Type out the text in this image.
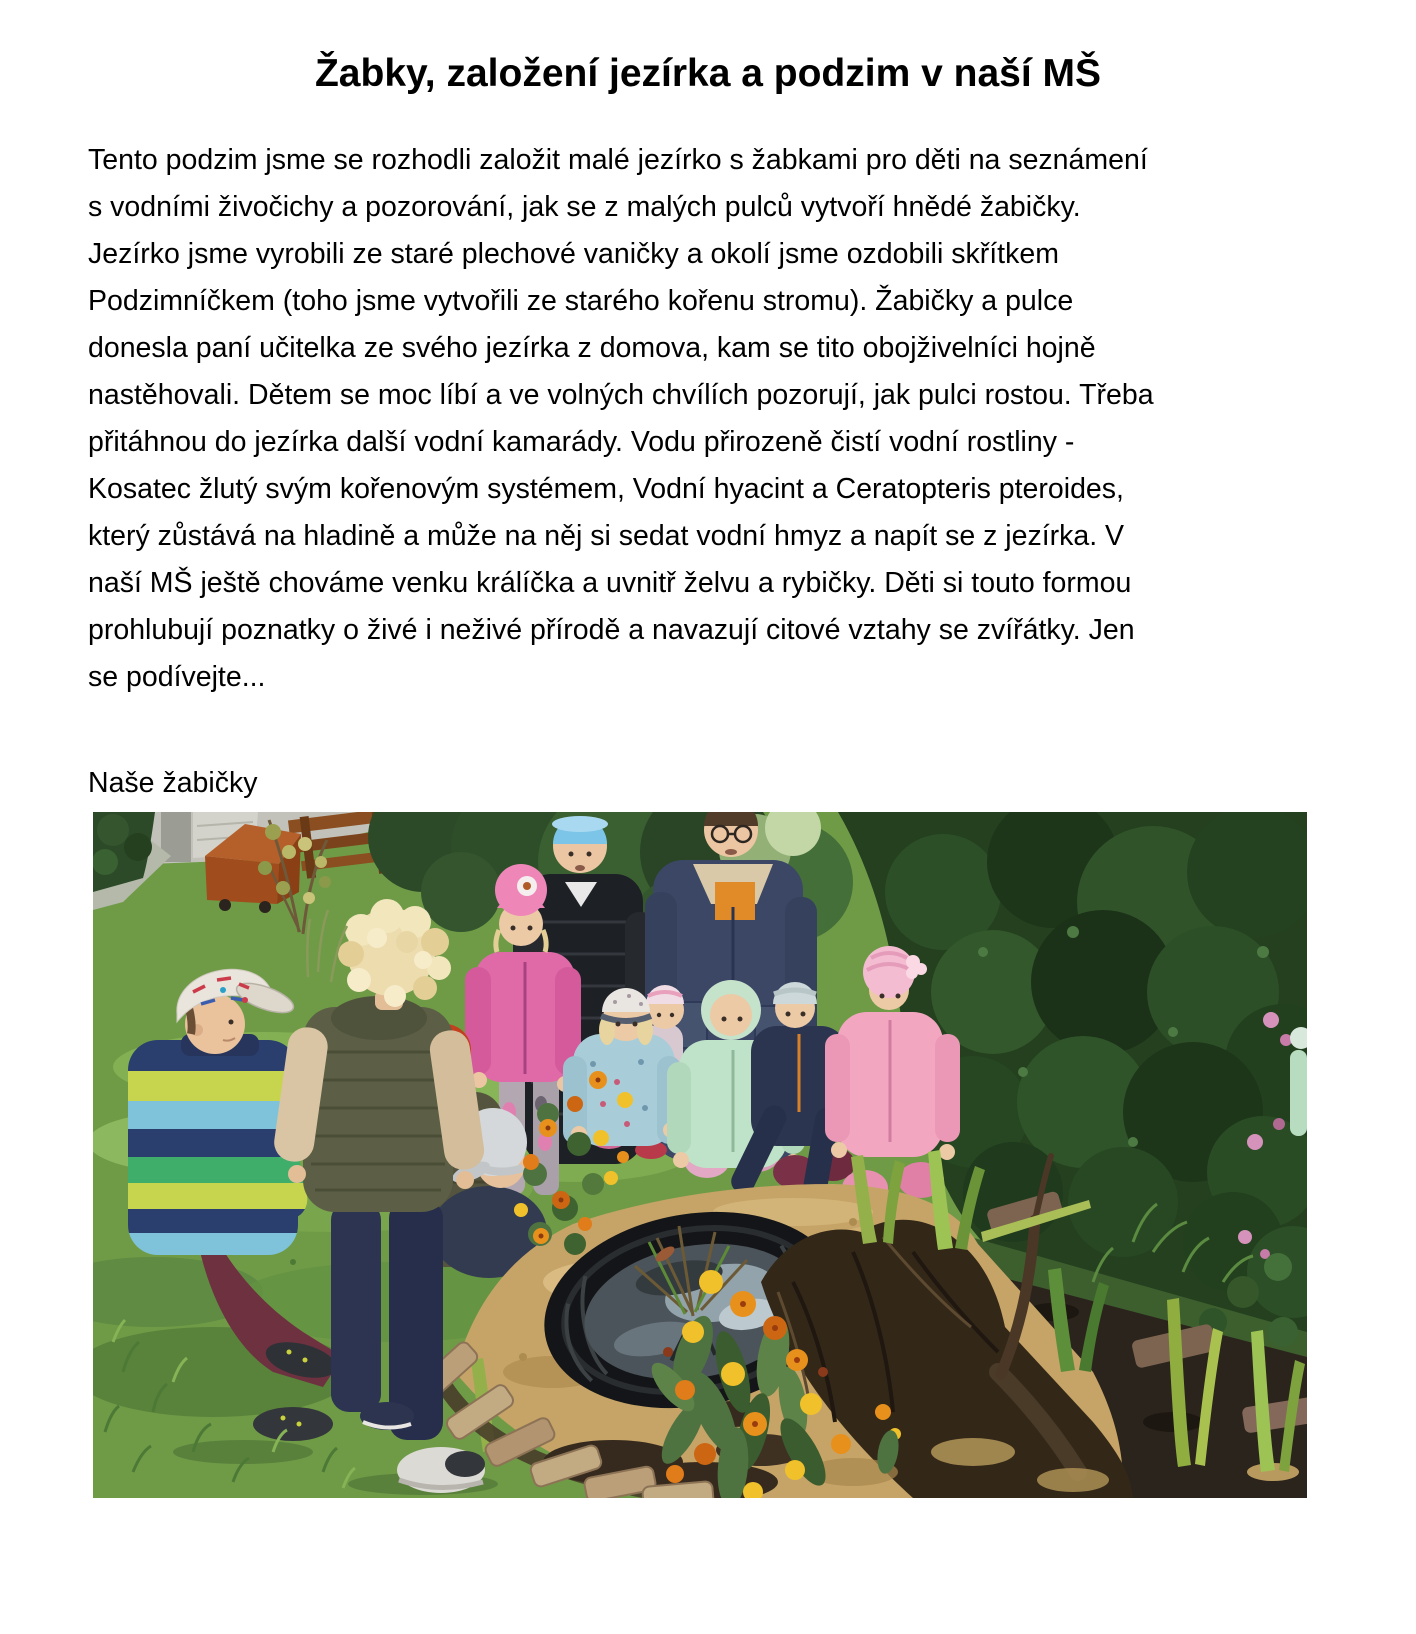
Žabky, založení jezírka a podzim v naší MŠ
Tento podzim jsme se rozhodli založit malé jezírko s žabkami pro děti na seznámení
s vodními živočichy a pozorování, jak se z malých pulců vytvoří hnědé žabičky.
Jezírko jsme vyrobili ze staré plechové vaničky a okolí jsme ozdobili skřítkem
Podzimníčkem (toho jsme vytvořili ze starého kořenu stromu). Žabičky a pulce
donesla paní učitelka ze svého jezírka z domova, kam se tito obojživelníci hojně
nastěhovali. Dětem se moc líbí a ve volných chvílích pozorují, jak pulci rostou. Třeba
přitáhnou do jezírka další vodní kamarády. Vodu přirozeně čistí vodní rostliny -
Kosatec žlutý svým kořenovým systémem, Vodní hyacint a Ceratopteris pteroides,
který zůstává na hladině a může na něj si sedat vodní hmyz a napít se z jezírka. V
naší MŠ ještě chováme venku králíčka a uvnitř želvu a rybičky. Děti si touto formou
prohlubují poznatky o živé i neživé přírodě a navazují citové vztahy se zvířátky. Jen
se podívejte...
Naše žabičky
